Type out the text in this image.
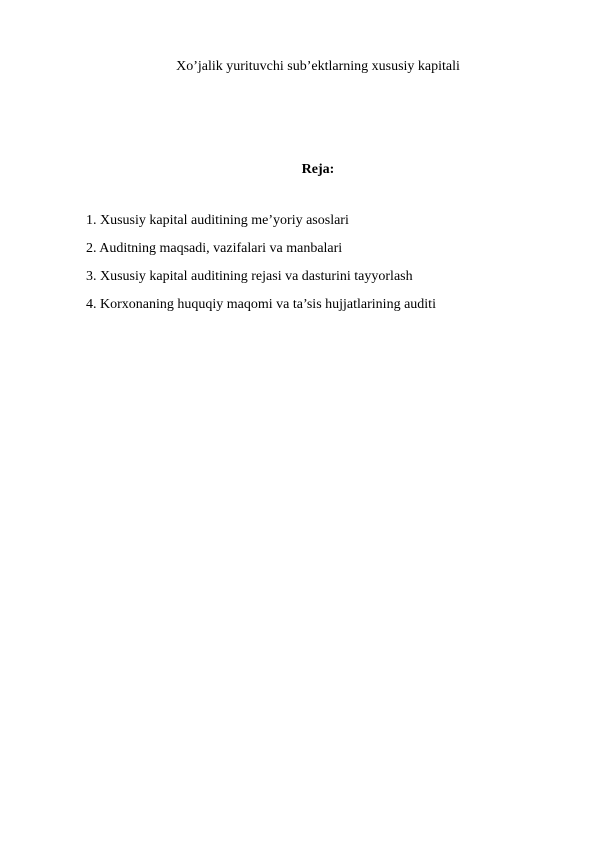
Xo’jalik yurituvchi sub’ektlarning xususiy kapitali
Reja:
1. Xususiy kapital auditining me’yoriy asoslari
2. Auditning maqsadi, vazifalari va manbalari
3. Xususiy kapital auditining rejasi va dasturini tayyorlash
4. Korxonaning huquqiy maqomi va ta’sis hujjatlarining auditi
